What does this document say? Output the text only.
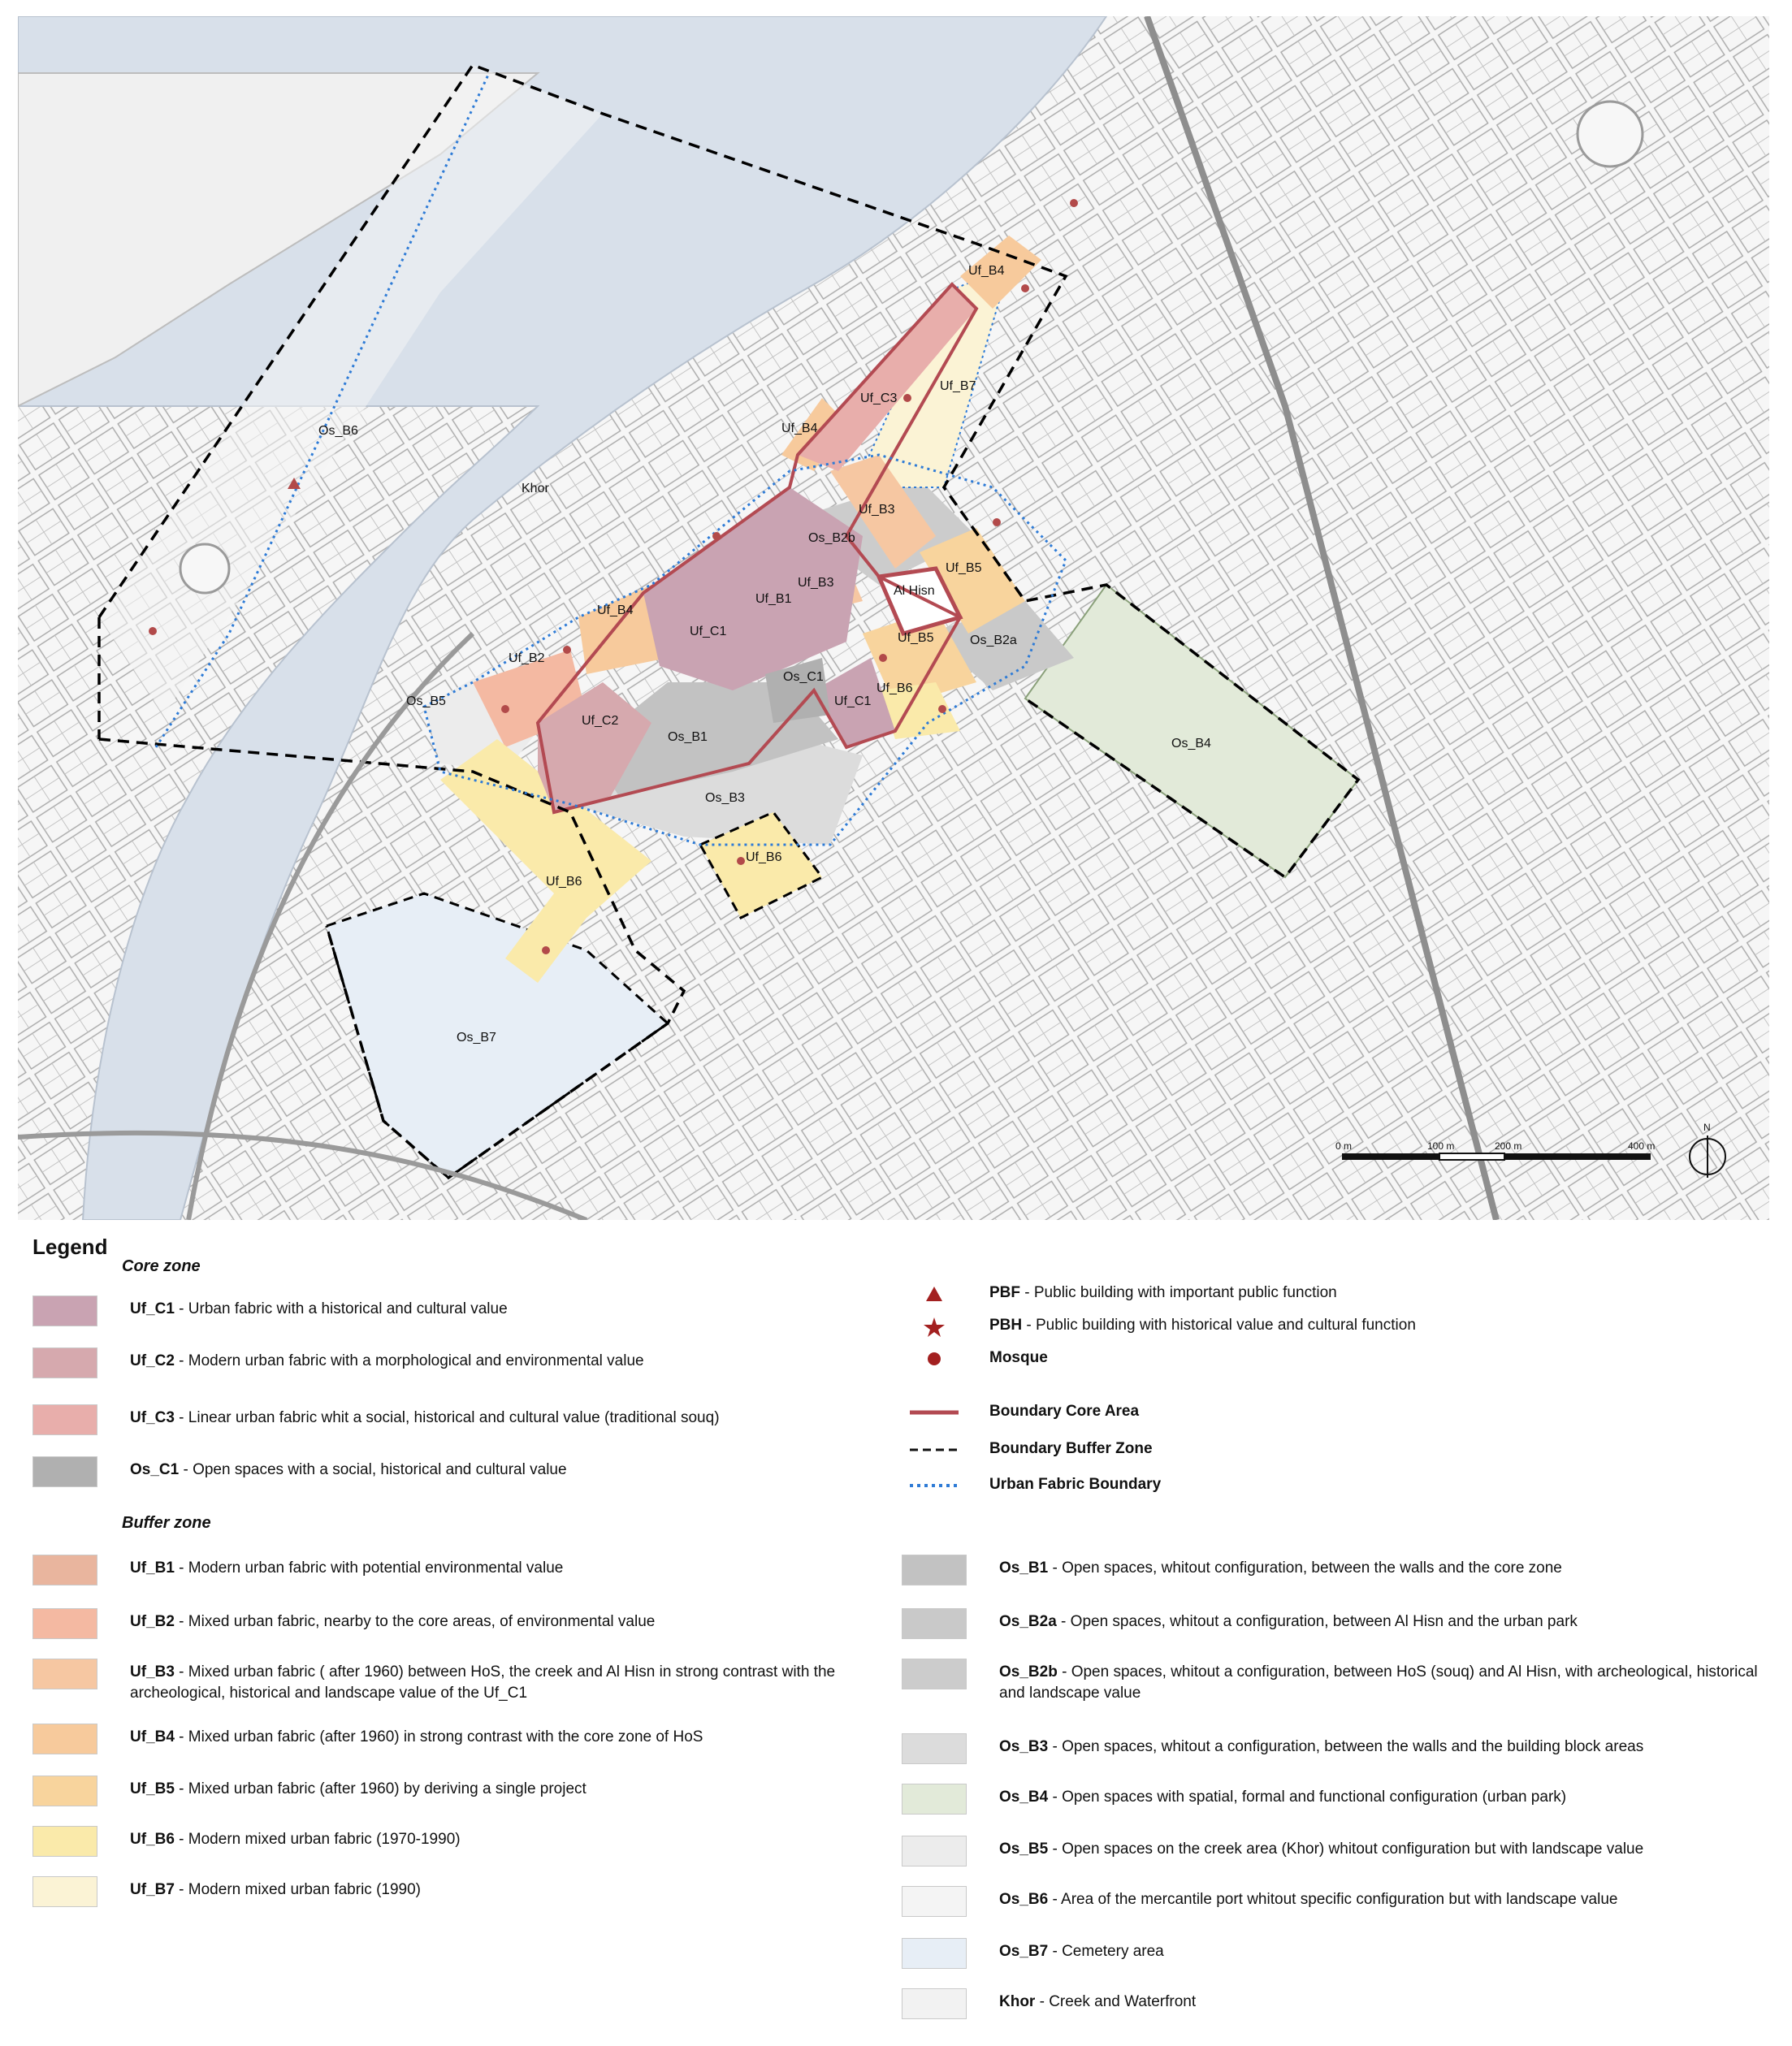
Os_B6
Khor
Uf_B4
Uf_C3
Uf_B7
Uf_B4
Uf_B3
Os_B2b
Uf_B5
Uf_B3
Al Hisn
Uf_B1
Uf_B4
Uf_C1	Uf_B5	Os_B2a
Uf_B2
Os_C1
Uf_B6
Uf_C1
Os_B5
Uf_C2
Os_B1	Os_B4
Os_B3
Uf_B6
Uf_B6
Os_B7
0 m	100 m	200 m	400 m
N
Legend
Core zone
Buffer zone
Uf_C1 - Urban fabric with a historical and cultural value
Uf_C2 - Modern urban fabric with a morphological and environmental value
Uf_C3 - Linear urban fabric whit a social, historical and cultural value (traditional souq)
Os_C1 - Open spaces with a social, historical and cultural value
Uf_B1 - Modern urban fabric with potential environmental value
Uf_B2 - Mixed urban fabric, nearby to the core areas, of environmental value
Uf_B3 - Mixed urban fabric ( after 1960) between HoS, the creek and Al Hisn in strong contrast with the archeological, historical and landscape value of the Uf_C1
Uf_B4 - Mixed urban fabric (after 1960) in strong contrast with the core zone of HoS
Uf_B5 - Mixed urban fabric (after 1960) by deriving a single project
Uf_B6 - Modern mixed urban fabric (1970-1990)
Uf_B7 - Modern mixed urban fabric (1990)
PBF - Public building with important public function
PBH - Public building with historical value and cultural function
Mosque
Boundary Core Area
Boundary Buffer Zone
Urban Fabric Boundary
Os_B1 - Open spaces, whitout configuration, between the walls and the core zone
Os_B2a - Open spaces, whitout a configuration, between Al Hisn and the urban park
Os_B2b - Open spaces, whitout a configuration, between HoS (souq) and Al Hisn, with archeological, historical and landscape value
Os_B3 - Open spaces, whitout a configuration, between the walls and the building block areas
Os_B4 - Open spaces with spatial, formal and functional configuration (urban park)
Os_B5 - Open spaces on the creek area (Khor) whitout configuration but with landscape value
Os_B6 - Area of the mercantile port whitout specific configuration but with landscape value
Os_B7 - Cemetery area
Khor - Creek and Waterfront
